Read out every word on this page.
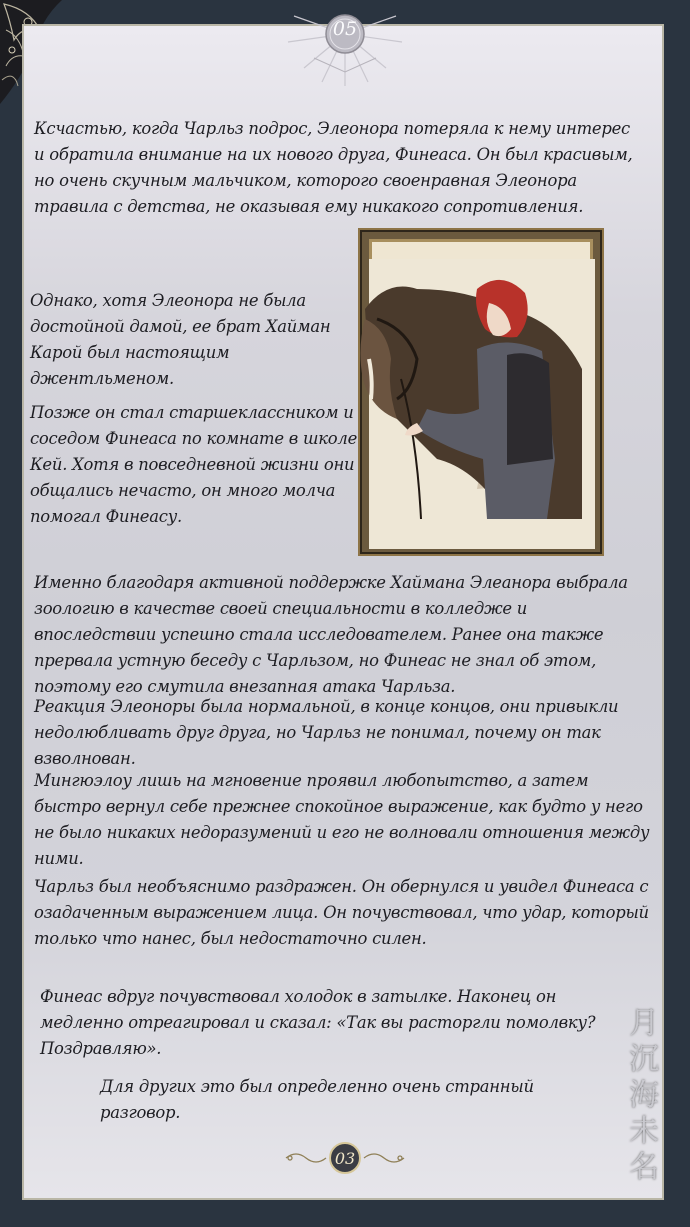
05

Ксчастью, когда Чарльз подрос, Элеонора потеряла к нему интерес и обратила внимание на их нового друга, Финеаса. Он был красивым, но очень скучным мальчиком, которого своенравная Элеонора травила с детства, не оказывая ему никакого сопротивления.

Однако, хотя Элеонора не была достойной дамой, ее брат Хайман Карой был настоящим джентльменом.

Позже он стал старшеклассником и соседом Финеаса по комнате в школе Кей. Хотя в повседневной жизни они общались нечасто, он много молча помогал Финеасу.

Именно благодаря активной поддержке Хаймана Элеанора выбрала зоологию в качестве своей специальности в колледже и впоследствии успешно стала исследователем. Ранее она также прервала устную беседу с Чарльзом, но Финеас не знал об этом, поэтому его смутила внезапная атака Чарльза.

Реакция Элеоноры была нормальной, в конце концов, они привыкли недолюбливать друг друга, но Чарльз не понимал, почему он так взволнован.

Мингюэлоу лишь на мгновение проявил любопытство, а затем быстро вернул себе прежнее спокойное выражение, как будто у него не было никаких недоразумений и его не волновали отношения между ними.

Чарльз был необъяснимо раздражен. Он обернулся и увидел Финеаса с озадаченным выражением лица. Он почувствовал, что удар, который только что нанес, был недостаточно силен.

Финеас вдруг почувствовал холодок в затылке. Наконец он медленно отреагировал и сказал: «Так вы расторгли помолвку? Поздравляю».

Для других это был определенно очень странный разговор.

月
沉
海
未
名
03
